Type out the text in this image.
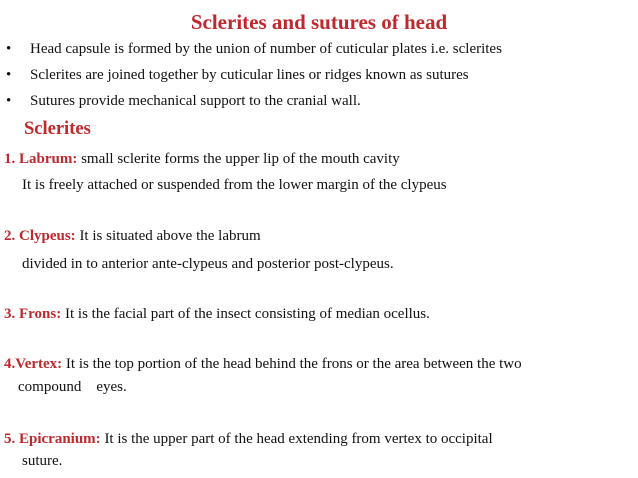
Sclerites and sutures of head
• Head capsule is formed by the union of number of cuticular plates i.e. sclerites
• Sclerites are joined together by cuticular lines or ridges known as sutures
• Sutures provide mechanical support to the cranial wall.
Sclerites
1. Labrum: small sclerite forms the upper lip of the mouth cavity
It is freely attached or suspended from the lower margin of the clypeus
2. Clypeus: It is situated above the labrum
divided in to anterior ante-clypeus and posterior post-clypeus.
3. Frons: It is the facial part of the insect consisting of median ocellus.
4.Vertex: It is the top portion of the head behind the frons or the area between the two
compound    eyes.
5. Epicranium: It is the upper part of the head extending from vertex to occipital
suture.
